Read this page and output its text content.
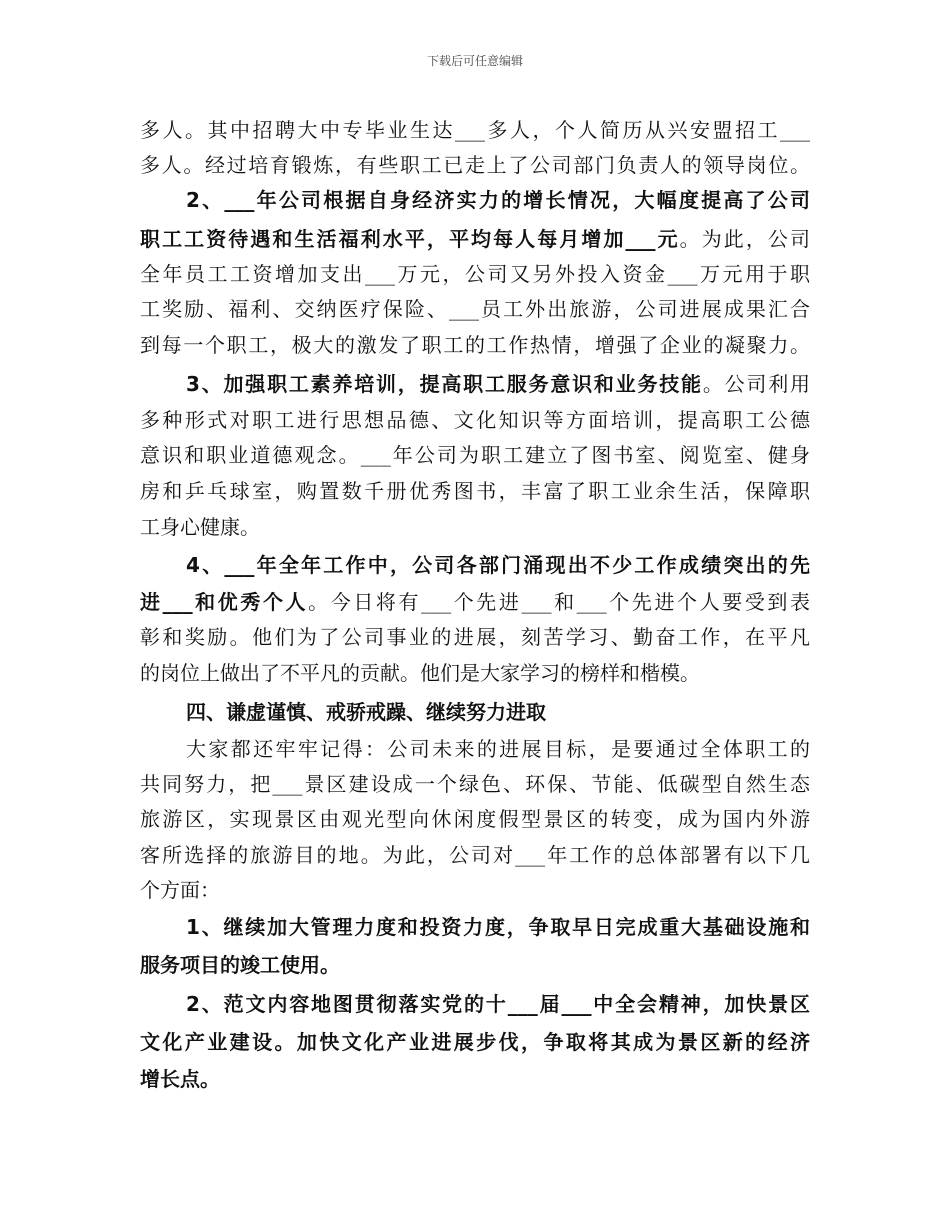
下载后可任意编辑
多人。其中招聘大中专毕业生达___多人，个人简历从兴安盟招工___
多人。经过培育锻炼，有些职工已走上了公司部门负责人的领导岗位。
2、___年公司根据自身经济实力的增长情况，大幅度提高了公司
职工工资待遇和生活福利水平，平均每人每月增加___元。为此，公司
全年员工工资增加支出___万元，公司又另外投入资金___万元用于职
工奖励、福利、交纳医疗保险、___员工外出旅游，公司进展成果汇合
到每一个职工，极大的激发了职工的工作热情，增强了企业的凝聚力。
3、加强职工素养培训，提高职工服务意识和业务技能。公司利用
多种形式对职工进行思想品德、文化知识等方面培训，提高职工公德
意识和职业道德观念。___年公司为职工建立了图书室、阅览室、健身
房和乒乓球室，购置数千册优秀图书，丰富了职工业余生活，保障职
工身心健康。
4、___年全年工作中，公司各部门涌现出不少工作成绩突出的先
进___和优秀个人。今日将有___个先进___和___个先进个人要受到表
彰和奖励。他们为了公司事业的进展，刻苦学习、勤奋工作，在平凡
的岗位上做出了不平凡的贡献。他们是大家学习的榜样和楷模。
四、谦虚谨慎、戒骄戒躁、继续努力进取
大家都还牢牢记得：公司未来的进展目标，是要通过全体职工的
共同努力，把___景区建设成一个绿色、环保、节能、低碳型自然生态
旅游区，实现景区由观光型向休闲度假型景区的转变，成为国内外游
客所选择的旅游目的地。为此，公司对___年工作的总体部署有以下几
个方面：
1、继续加大管理力度和投资力度，争取早日完成重大基础设施和
服务项目的竣工使用。
2、范文内容地图贯彻落实党的十___届___中全会精神，加快景区
文化产业建设。加快文化产业进展步伐，争取将其成为景区新的经济
增长点。
